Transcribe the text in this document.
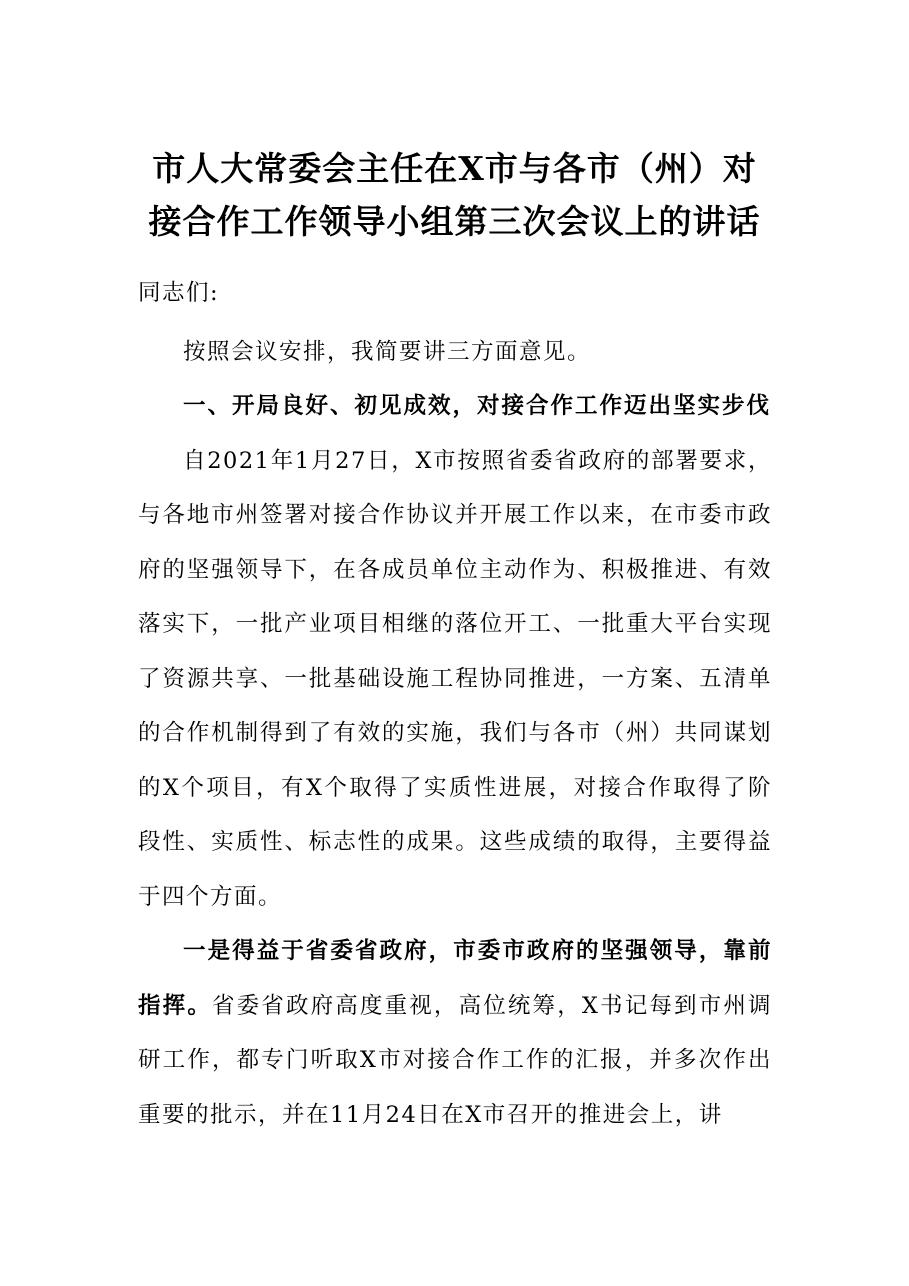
市人大常委会主任在X市与各市（州）对
接合作工作领导小组第三次会议上的讲话

同志们:

按照会议安排，我简要讲三方面意见。

一、开局良好、初见成效，对接合作工作迈出坚实步伐

自2021年1月27日，X市按照省委省政府的部署要求，与各地市州签署对接合作协议并开展工作以来，在市委市政府的坚强领导下，在各成员单位主动作为、积极推进、有效落实下，一批产业项目相继的落位开工、一批重大平台实现了资源共享、一批基础设施工程协同推进，一方案、五清单的合作机制得到了有效的实施，我们与各市（州）共同谋划的X个项目，有X个取得了实质性进展，对接合作取得了阶段性、实质性、标志性的成果。这些成绩的取得，主要得益于四个方面。

一是得益于省委省政府，市委市政府的坚强领导，靠前指挥。省委省政府高度重视，高位统筹，X书记每到市州调研工作，都专门听取X市对接合作工作的汇报，并多次作出重要的批示，并在11月24日在X市召开的推进会上，讲
